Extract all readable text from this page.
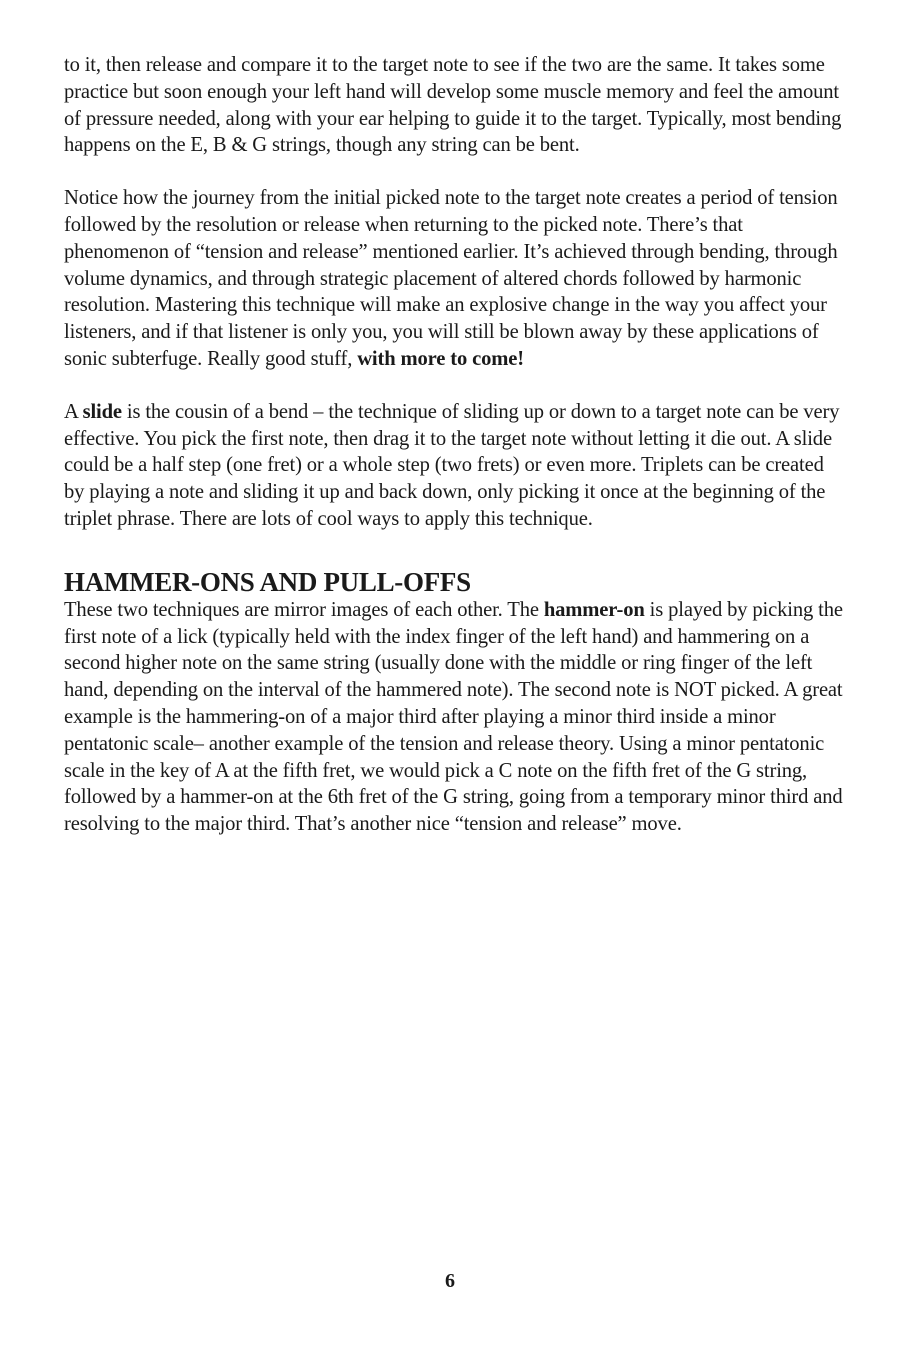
to it, then release and compare it to the target note to see if the two are the same. It takes some practice but soon enough your left hand will develop some muscle memory and feel the amount of pressure needed, along with your ear helping to guide it to the target. Typically, most bending happens on the E, B & G strings, though any string can be bent.

Notice how the journey from the initial picked note to the target note creates a period of tension followed by the resolution or release when returning to the picked note. There’s that phenomenon of “tension and release” mentioned earlier. It’s achieved through bending, through volume dynamics, and through strategic placement of altered chords followed by harmonic resolution. Mastering this technique will make an explosive change in the way you affect your listeners, and if that listener is only you, you will still be blown away by these applications of sonic subterfuge. Really good stuff, with more to come!

A slide is the cousin of a bend – the technique of sliding up or down to a target note can be very effective. You pick the first note, then drag it to the target note without letting it die out. A slide could be a half step (one fret) or a whole step (two frets) or even more. Triplets can be created by playing a note and sliding it up and back down, only picking it once at the beginning of the triplet phrase. There are lots of cool ways to apply this technique.

HAMMER-ONS AND PULL-OFFS

These two techniques are mirror images of each other. The hammer-on is played by picking the first note of a lick (typically held with the index finger of the left hand) and hammering on a second higher note on the same string (usually done with the middle or ring finger of the left hand, depending on the interval of the hammered note). The second note is NOT picked. A great example is the hammering-on of a major third after playing a minor third inside a minor pentatonic scale– another example of the tension and release theory. Using a minor pentatonic scale in the key of A at the fifth fret, we would pick a C note on the fifth fret of the G string, followed by a hammer-on at the 6th fret of the G string, going from a temporary minor third and resolving to the major third. That’s another nice “tension and release” move.

6
